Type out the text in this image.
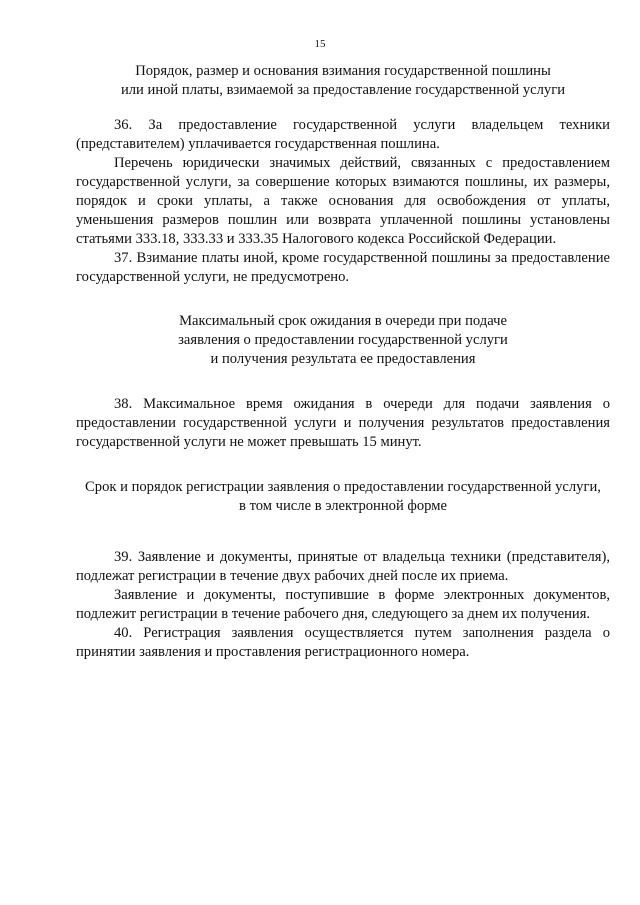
15
Порядок, размер и основания взимания государственной пошлины
или иной платы, взимаемой за предоставление государственной услуги

36. За предоставление государственной услуги владельцем техники (представителем) уплачивается государственная пошлина.

Перечень юридически значимых действий, связанных с предоставлением государственной услуги, за совершение которых взимаются пошлины, их размеры, порядок и сроки уплаты, а также основания для освобождения от уплаты, уменьшения размеров пошлин или возврата уплаченной пошлины установлены статьями 333.18, 333.33 и 333.35 Налогового кодекса Российской Федерации.

37. Взимание платы иной, кроме государственной пошлины за предоставление государственной услуги, не предусмотрено.

Максимальный срок ожидания в очереди при подаче
заявления о предоставлении государственной услуги
и получения результата ее предоставления

38. Максимальное время ожидания в очереди для подачи заявления о предоставлении государственной услуги и получения результатов предоставления государственной услуги не может превышать 15 минут.

Срок и порядок регистрации заявления о предоставлении государственной услуги,
в том числе в электронной форме

39. Заявление и документы, принятые от владельца техники (представителя), подлежат регистрации в течение двух рабочих дней после их приема.

Заявление и документы, поступившие в форме электронных документов, подлежит регистрации в течение рабочего дня, следующего за днем их получения.

40. Регистрация заявления осуществляется путем заполнения раздела о принятии заявления и проставления регистрационного номера.
